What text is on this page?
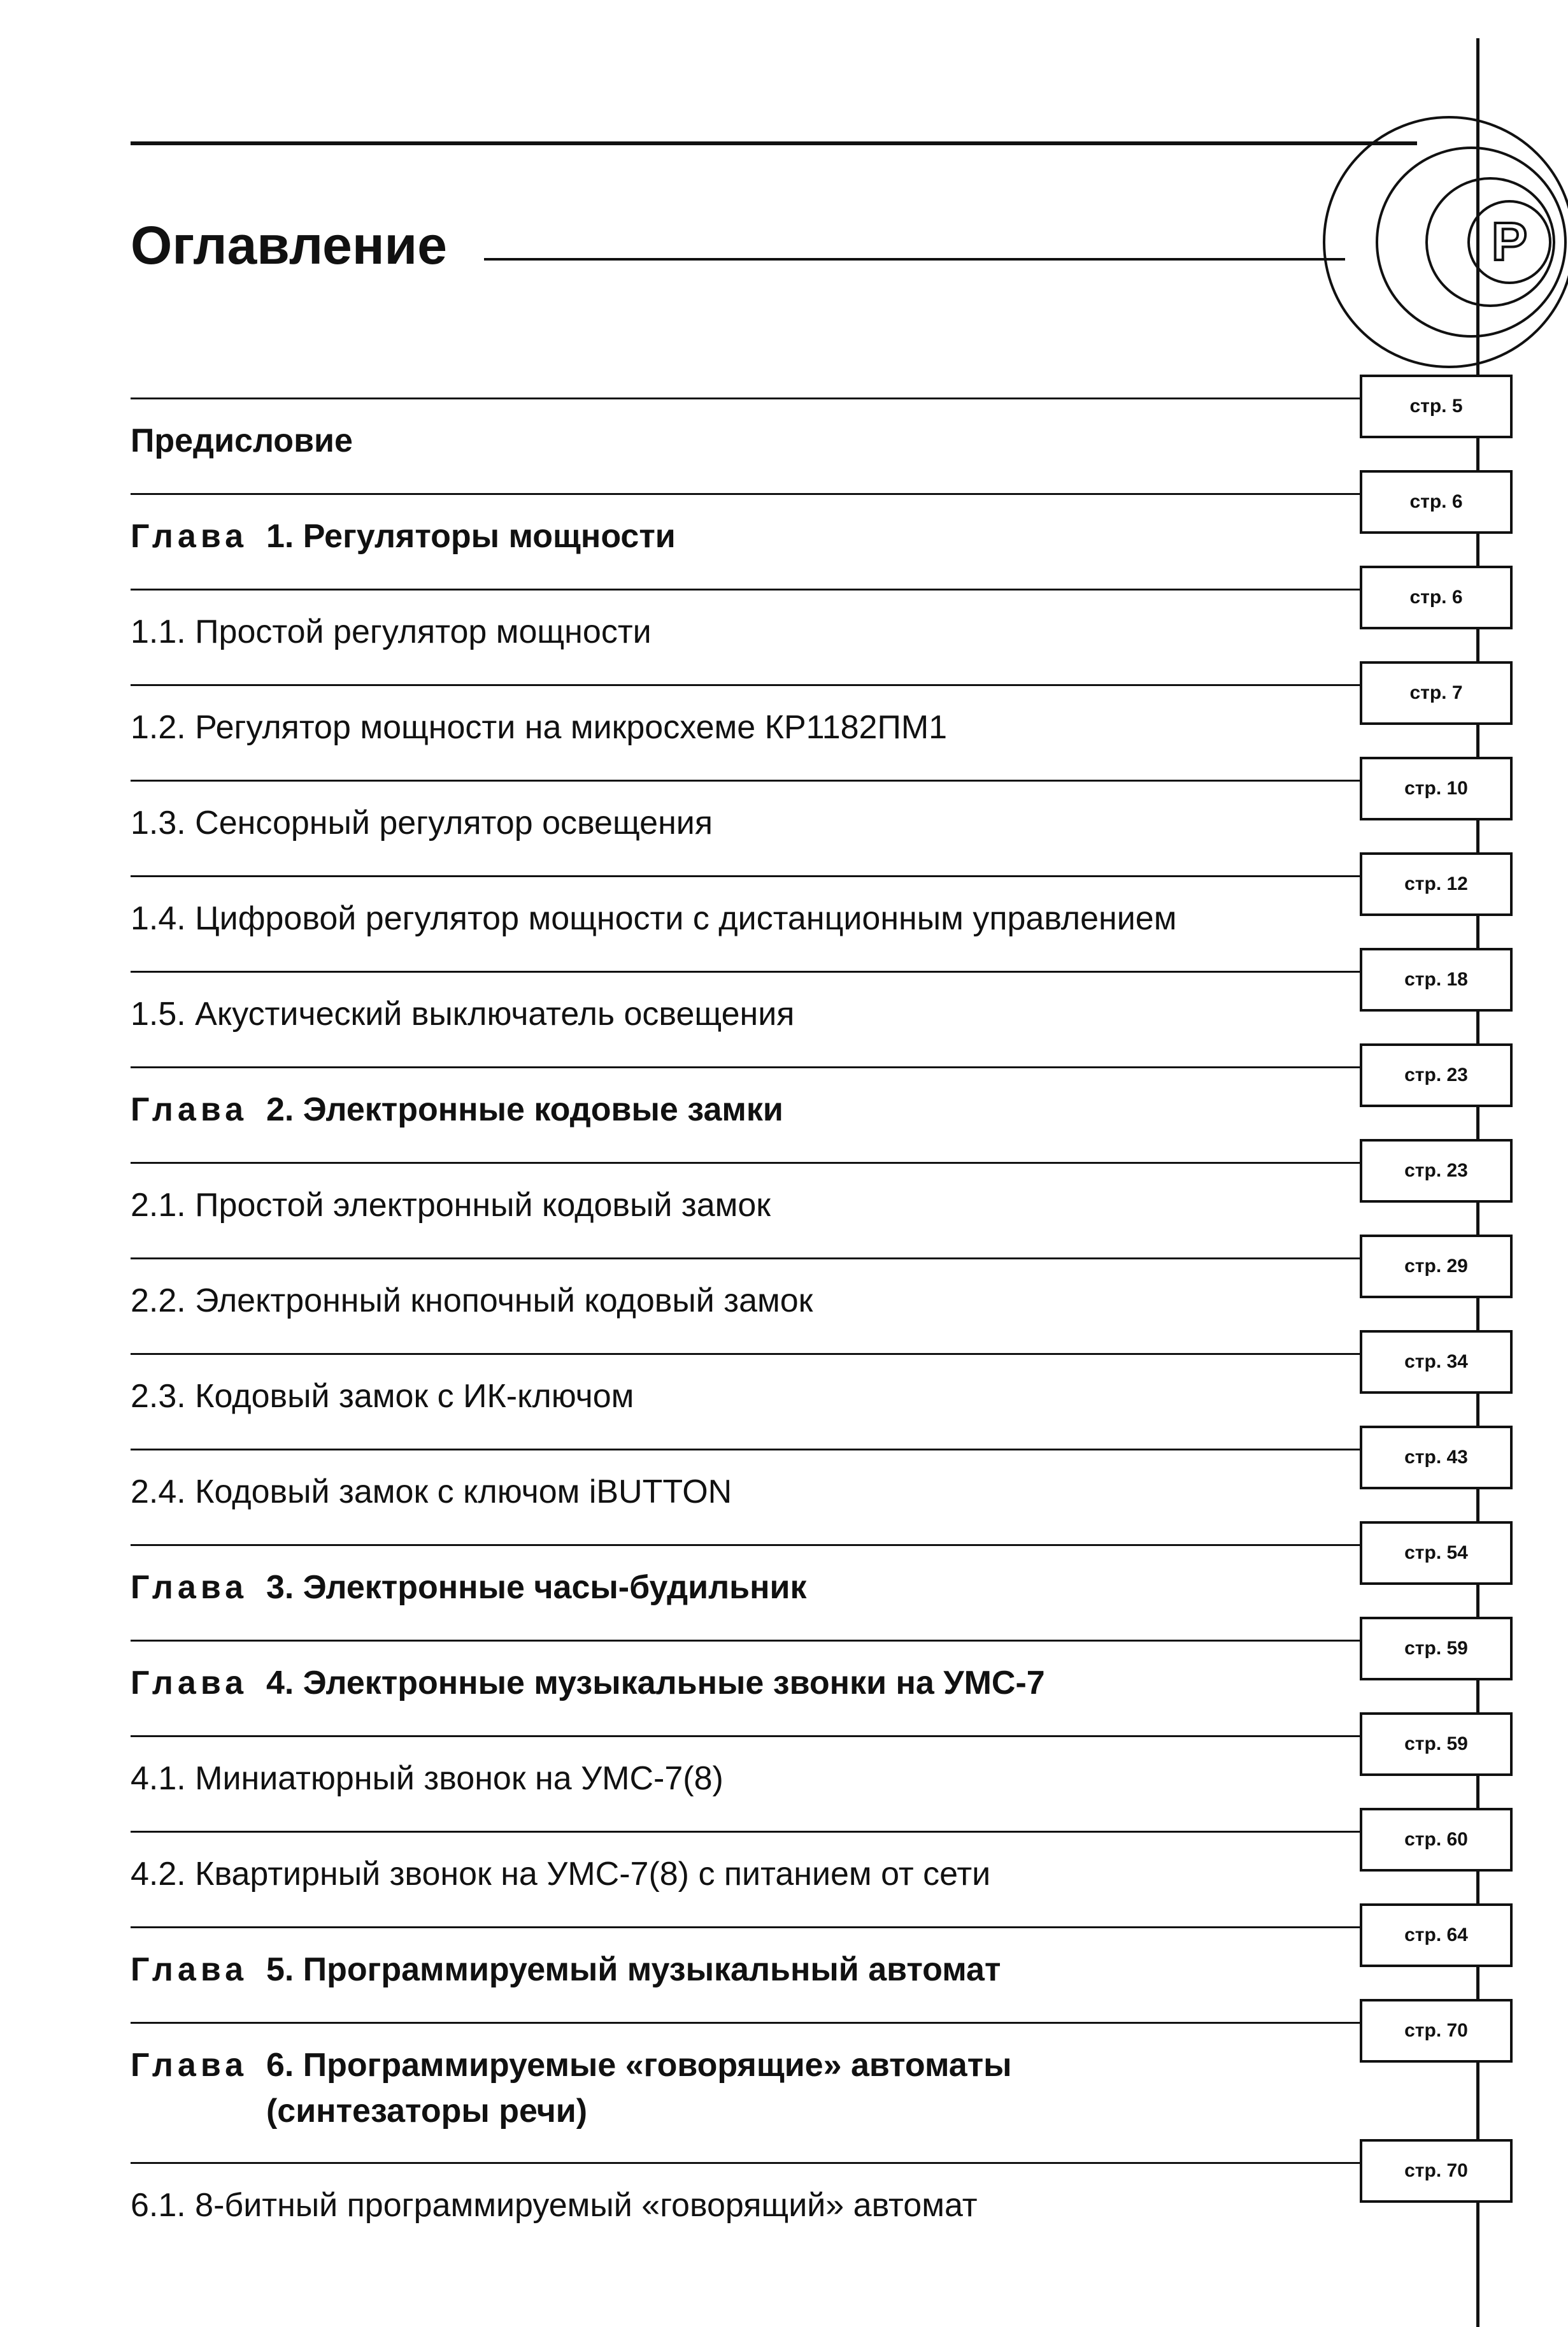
Оглавление	P
Предисловие
стр. 5
Глава 1. Регуляторы мощности
стр. 6
1.1. Простой регулятор мощности
стр. 6
1.2. Регулятор мощности на микросхеме КР1182ПМ1
стр. 7
1.3. Сенсорный регулятор освещения
стр. 10
1.4. Цифровой регулятор мощности с дистанционным управлением
стр. 12
1.5. Акустический выключатель освещения
стр. 18
Глава 2. Электронные кодовые замки
стр. 23
2.1. Простой электронный кодовый замок
стр. 23
2.2. Электронный кнопочный кодовый замок
стр. 29
2.3. Кодовый замок с ИК-ключом
стр. 34
2.4. Кодовый замок с ключом iBUTTON
стр. 43
Глава 3. Электронные часы-будильник
стр. 54
Глава 4. Электронные музыкальные звонки на УМС-7
стр. 59
4.1. Миниатюрный звонок на УМС-7(8)
стр. 59
4.2. Квартирный звонок на УМС-7(8) с питанием от сети
стр. 60
Глава 5. Программируемый музыкальный автомат
стр. 64
Глава 6. Программируемые «говорящие» автоматы
(синтезаторы речи)
стр. 70
6.1. 8-битный программируемый «говорящий» автомат
стр. 70
